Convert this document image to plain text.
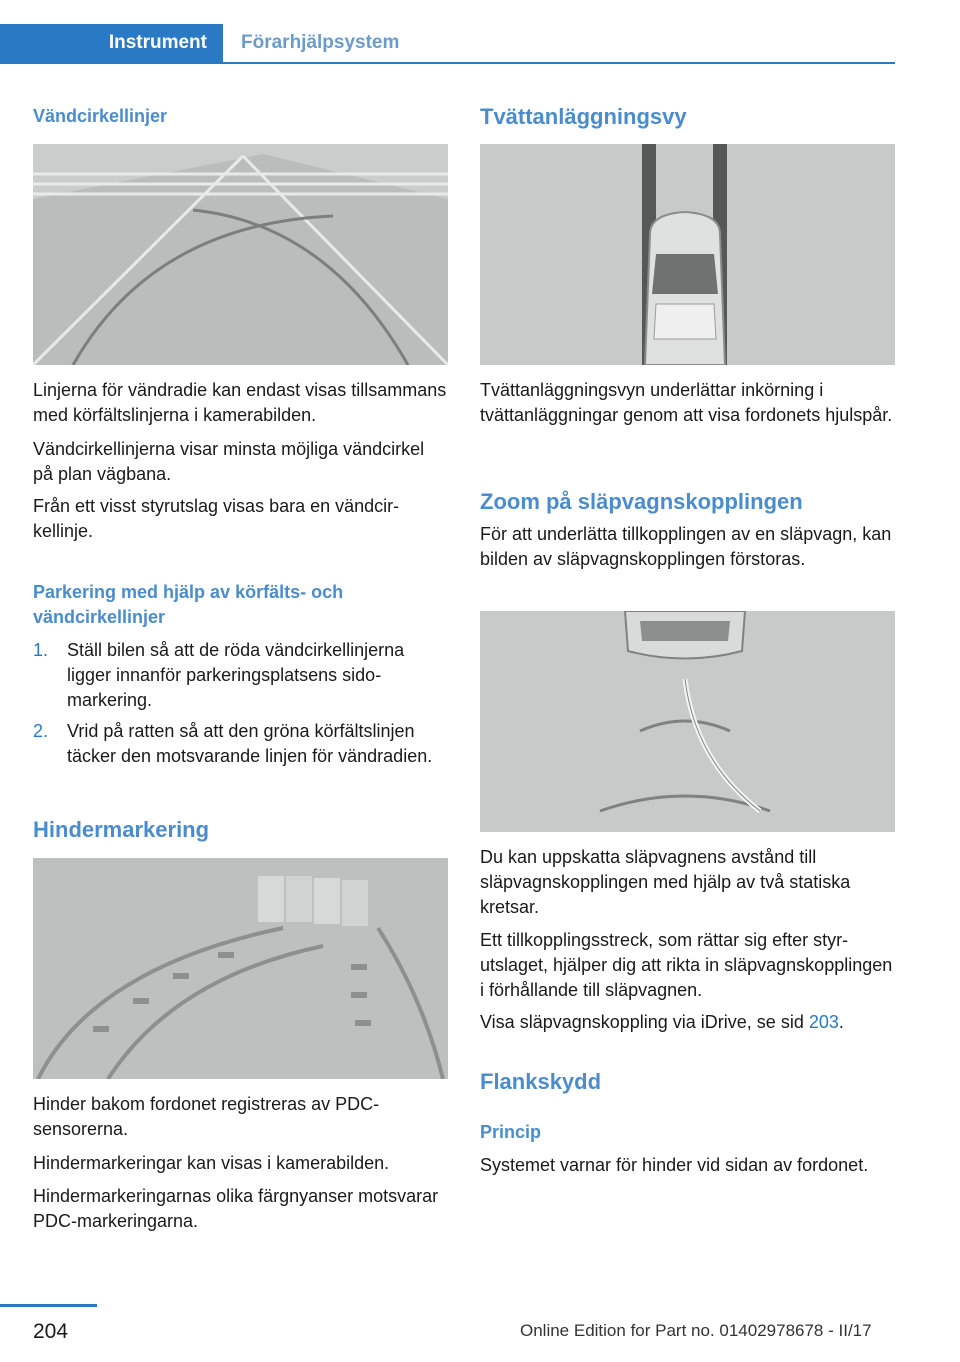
Instrument	Förarhjälpsystem
Vändcirkellinjer
Linjerna för vändradie kan endast visas tillsammans med körfältslinjerna i kamerabilden.
Vändcirkellinjerna visar minsta möjliga vändcirkel på plan vägbana.
Från ett visst styrutslag visas bara en vändcirkellinje.
Parkering med hjälp av körfälts- och vändcirkellinjer
1. Ställ bilen så att de röda vändcirkellinjerna ligger innanför parkeringsplatsens sidomarkering.
2. Vrid på ratten så att den gröna körfältslinjen täcker den motsvarande linjen för vändradien.
Hindermarkering
Hinder bakom fordonet registreras av PDC-sensorerna.
Hindermarkeringar kan visas i kamerabilden.
Hindermarkeringarnas olika färgnyanser motsvarar PDC-markeringarna.
Tvättanläggningsvy
Tvättanläggningsvyn underlättar inkörning i tvättanläggningar genom att visa fordonets hjulspår.
Zoom på släpvagnskopplingen
För att underlätta tillkopplingen av en släpvagn, kan bilden av släpvagnskopplingen förstoras.
Du kan uppskatta släpvagnens avstånd till släpvagnskopplingen med hjälp av två statiska kretsar.
Ett tillkopplingsstreck, som rättar sig efter styrutslaget, hjälper dig att rikta in släpvagnskopplingen i förhållande till släpvagnen.
Visa släpvagnskoppling via iDrive, se sid 203.
Flankskydd
Princip
Systemet varnar för hinder vid sidan av fordonet.
204	Online Edition for Part no. 01402978678 - II/17
